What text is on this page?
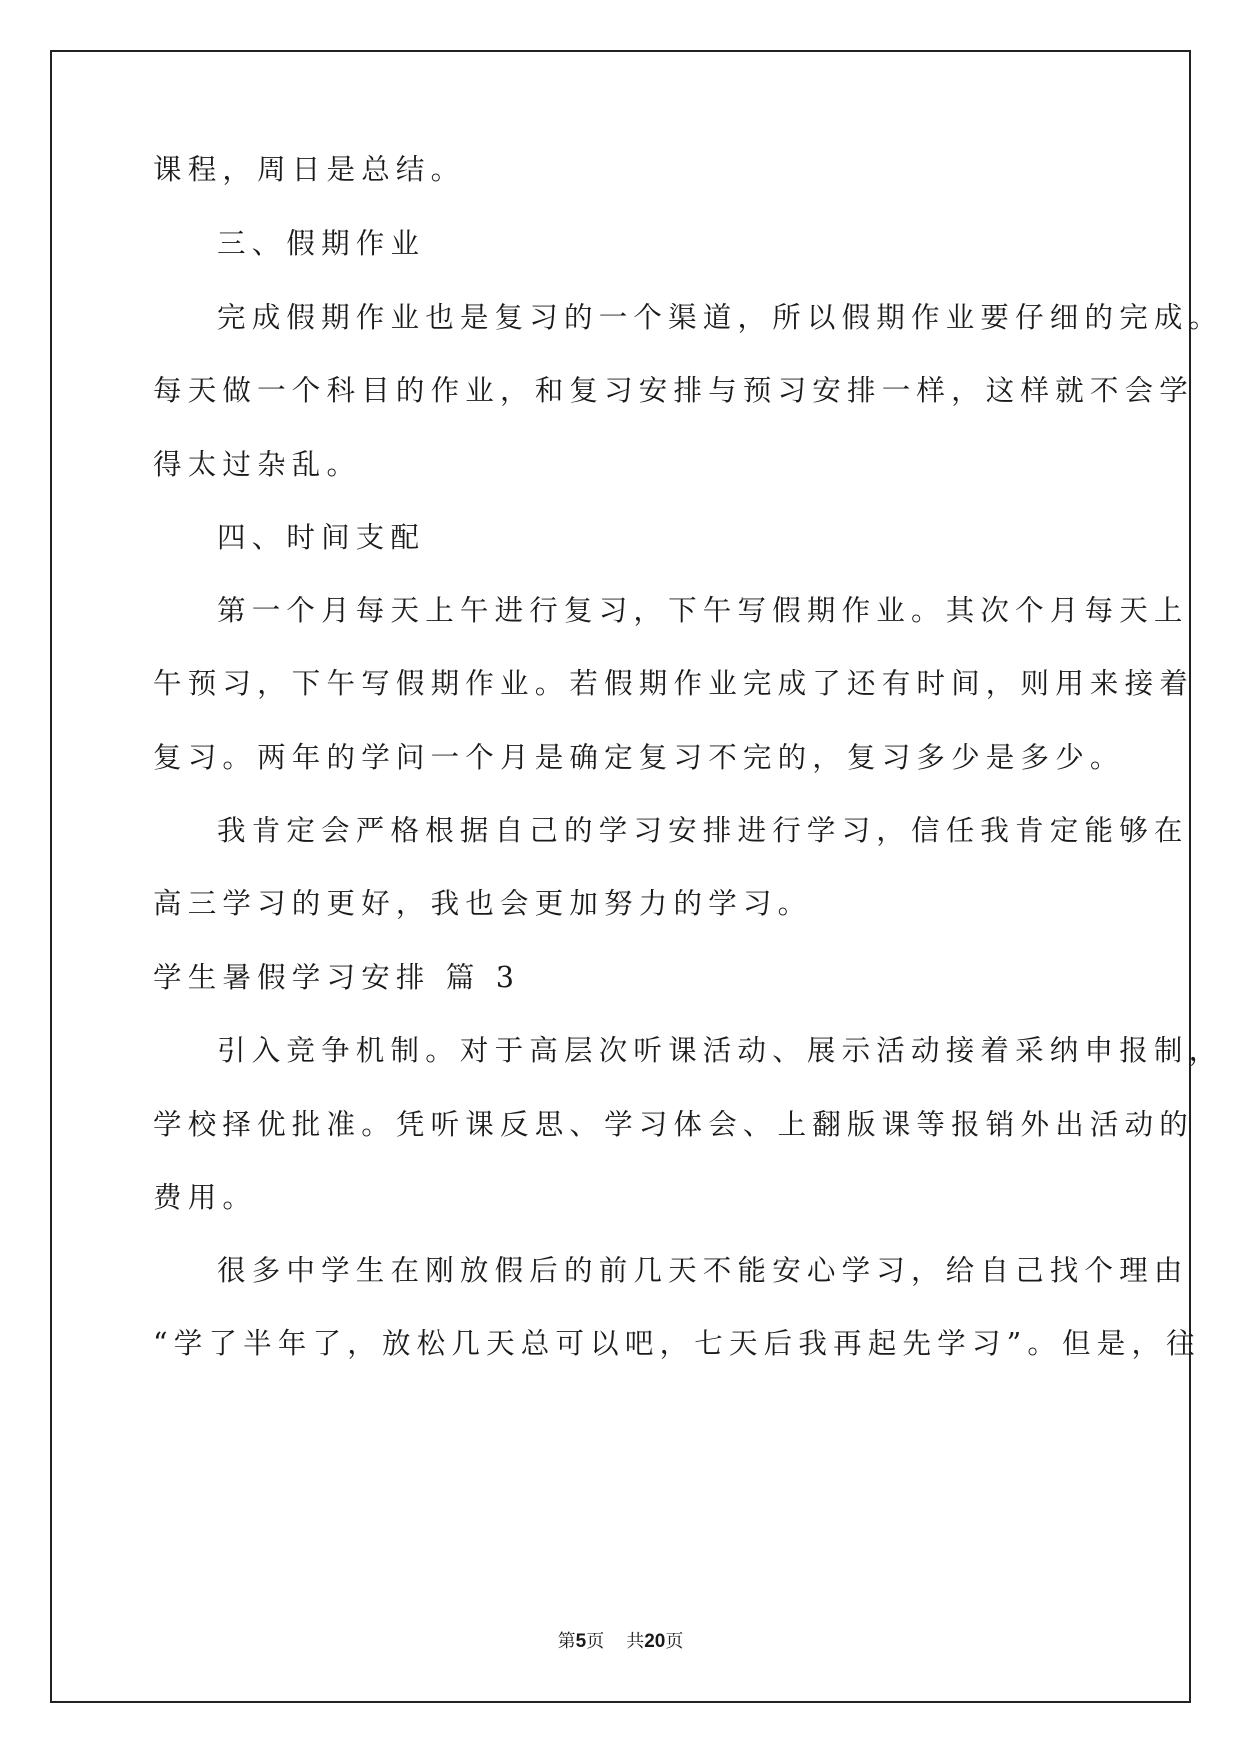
课程，周日是总结。
三、假期作业
完成假期作业也是复习的一个渠道，所以假期作业要仔细的完成。
每天做一个科目的作业，和复习安排与预习安排一样，这样就不会学
得太过杂乱。
四、时间支配
第一个月每天上午进行复习，下午写假期作业。其次个月每天上
午预习，下午写假期作业。若假期作业完成了还有时间，则用来接着
复习。两年的学问一个月是确定复习不完的，复习多少是多少。
我肯定会严格根据自己的学习安排进行学习，信任我肯定能够在
高三学习的更好，我也会更加努力的学习。
学生暑假学习安排 篇 3
引入竞争机制。对于高层次听课活动、展示活动接着采纳申报制，
学校择优批准。凭听课反思、学习体会、上翻版课等报销外出活动的
费用。
很多中学生在刚放假后的前几天不能安心学习，给自己找个理由
“学了半年了，放松几天总可以吧，七天后我再起先学习”。但是，往
第5页 共20页
